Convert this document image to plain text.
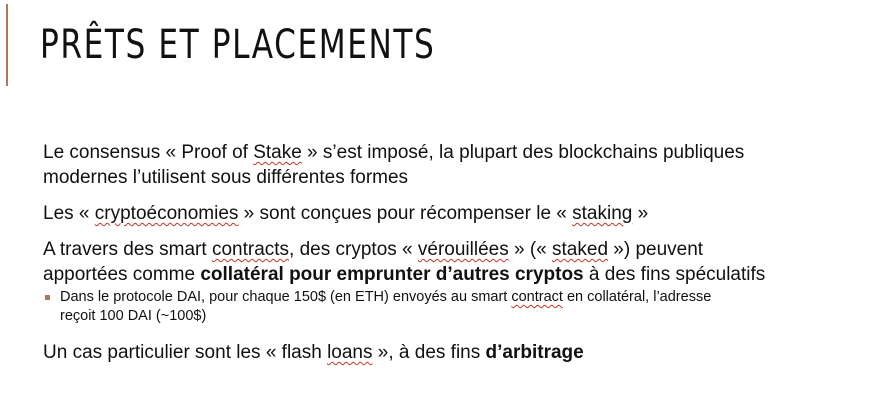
PRÊTS ET PLACEMENTS

Le consensus « Proof of Stake » s’est imposé, la plupart des blockchains publiques
modernes l’utilisent sous différentes formes

Les « cryptoéconomies » sont conçues pour récompenser le « staking »

A travers des smart contracts, des cryptos « vérouillées » (« staked ») peuvent
apportées comme collatéral pour emprunter d’autres cryptos à des fins spéculatifs

Dans le protocole DAI, pour chaque 150$ (en ETH) envoyés au smart contract en collatéral, l’adresse
reçoit 100 DAI (~100$)

Un cas particulier sont les « flash loans », à des fins d’arbitrage
